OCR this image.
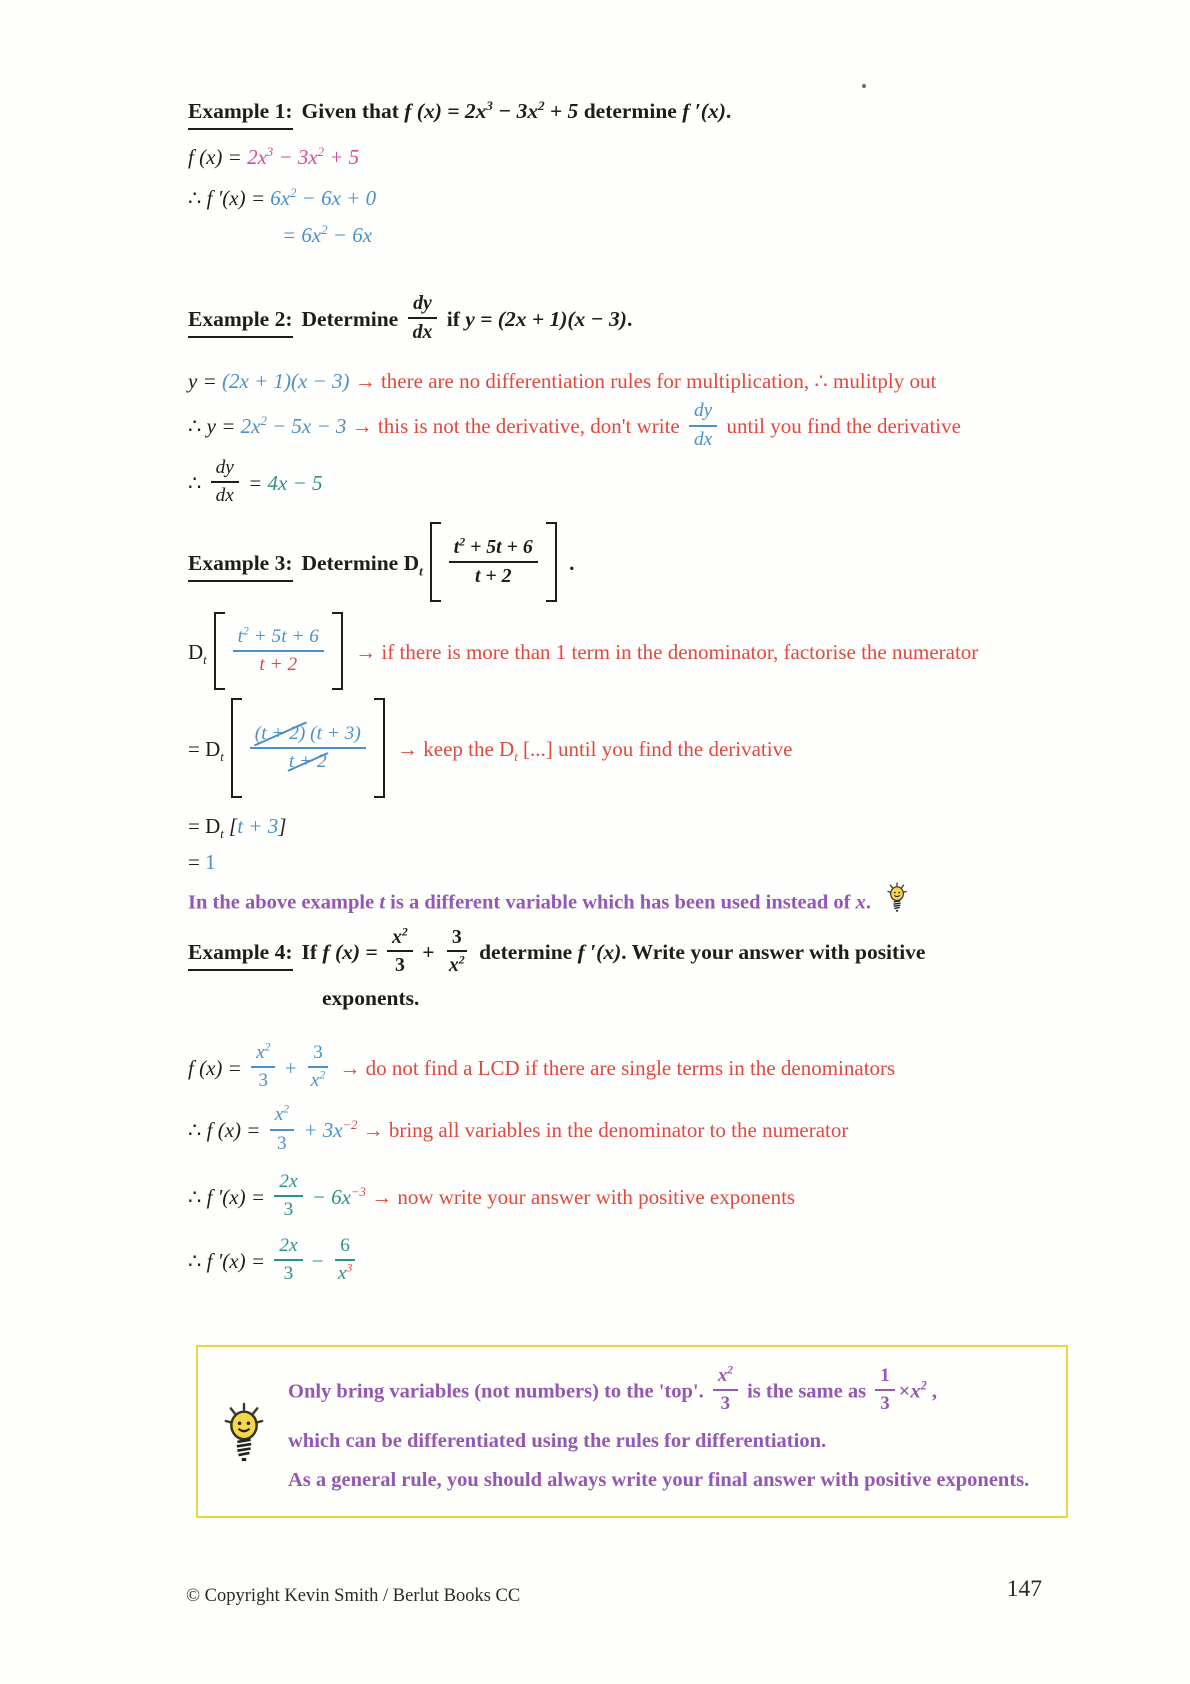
Example 1: Given that f $(x) = 2x^3 - 3x^2 + 5$ determine f ′(x).
f $(x) = 2x^3 - 3x^2 + 5$
∴ f $'(x) = 6x^2 - 6x + 0$
= $6x^2 - 6x$
Example 2: Determine $\frac{dy}{dx}$ if y = (2x + 1)(x − 3).
y = (2x + 1)(x − 3) → there are no differentiation rules for multiplication, ∴ mulitply out
∴ $y = 2x^2 - 5x - 3$ → this is not the derivative, don't write $\frac{dy}{dx}$ until you find the derivative
∴ $\frac{dy}{dx} = 4x - 5$
Example 3: Determine $D_t \frac{t^2 + 5t + 6}{t + 2}$ .
$D_t \frac{t^2 + 5t + 6}{t + 2}$ → if there is more than 1 term in the denominator, factorise the numerator
= $D_t \frac{(t + 2) (t + 3)}{t + 2}$ → keep the $D_t$ [...] until you find the derivative
= $D_t$ [t + 3]
= 1
In the above example t is a different variable which has been used instead of x.
Example 4: If f $(x) = \frac{x^2}{3} + \frac{3}{x^2}$ determine f ′(x). Write your answer with positive
exponents.
f $(x) = \frac{x^2}{3} + \frac{3}{x^2}$ → do not find a LCD if there are single terms in the denominators
∴ f $(x) = \frac{x^2}{3} + 3x^{-2}$ → bring all variables in the denominator to the numerator
∴ f $'(x) = \frac{2x}{3} - 6x^{-3}$ → now write your answer with positive exponents
∴ f $'(x) = \frac{2x}{3} - \frac{6}{x^3}$
Only bring variables (not numbers) to the 'top'. $\frac{x^2}{3}$ is the same as $\frac{1}{3} \times x^2$ ,
which can be differentiated using the rules for differentiation.
As a general rule, you should always write your final answer with positive exponents.
© Copyright Kevin Smith / Berlut Books CC	147
